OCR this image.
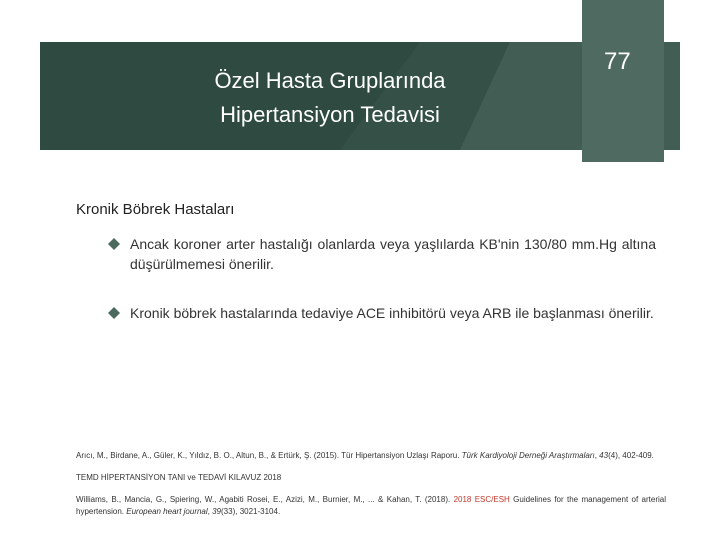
Özel Hasta Gruplarında
Hipertansiyon Tedavisi
77
Kronik Böbrek Hastaları
Ancak koroner arter hastalığı olanlarda veya yaşlılarda KB'nin 130/80 mm.Hg altına düşürülmemesi önerilir.
Kronik böbrek hastalarında tedaviye ACE inhibitörü veya ARB ile başlanması önerilir.

Arıcı, M., Birdane, A., Güler, K., Yıldız, B. O., Altun, B., & Ertürk, Ş. (2015). Tür Hipertansiyon Uzlaşı Raporu. Türk Kardiyoloji Derneği Araştırmaları, 43(4), 402-409.

TEMD HİPERTANSİYON TANI ve TEDAVİ KILAVUZ 2018

Williams, B., Mancia, G., Spiering, W., Agabiti Rosei, E., Azizi, M., Burnier, M., ... & Kahan, T. (2018). 2018 ESC/ESH Guidelines for the management of arterial hypertension. European heart journal, 39(33), 3021-3104.
